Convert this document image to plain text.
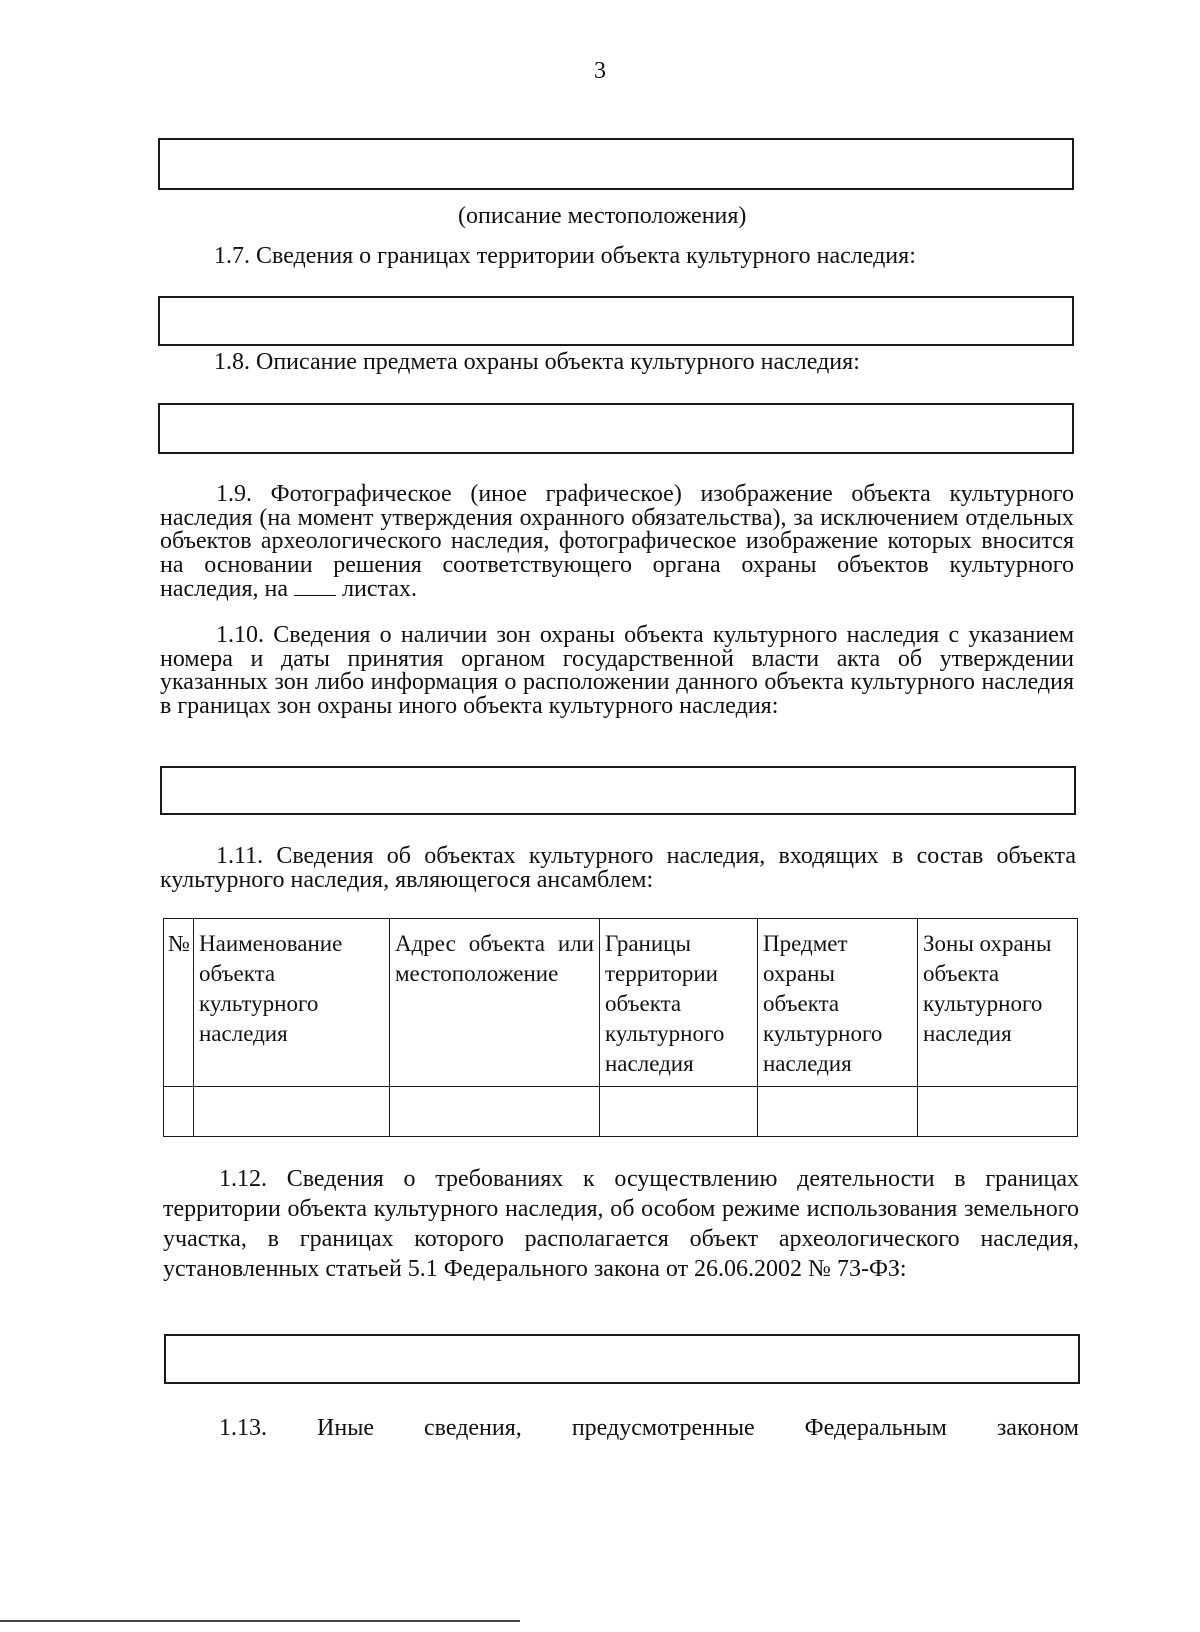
3
(описание местоположения)
1.7. Сведения о границах территории объекта культурного наследия:
1.8. Описание предмета охраны объекта культурного наследия:
1.9. Фотографическое (иное графическое) изображение объекта культурного наследия (на момент утверждения охранного обязательства), за исключением отдельных объектов археологического наследия, фотографическое изображение которых вносится на основании решения соответствующего органа охраны объектов культурного наследия, на листах.
1.10. Сведения о наличии зон охраны объекта культурного наследия с указанием номера и даты принятия органом государственной власти акта об утверждении указанных зон либо информация о расположении данного объекта культурного наследия в границах зон охраны иного объекта культурного наследия:
1.11. Сведения об объектах культурного наследия, входящих в состав объекта культурного наследия, являющегося ансамблем:
№	Наименование объекта культурного наследия	Адрес объекта или местоположение	Границы территории объекта культурного наследия	Предмет охраны объекта культурного наследия	Зоны охраны объекта культурного наследия

1.12. Сведения о требованиях к осуществлению деятельности в границах территории объекта культурного наследия, об особом режиме использования земельного участка, в границах которого располагается объект археологического наследия, установленных статьей 5.1 Федерального закона от 26.06.2002 № 73-ФЗ:
1.13. Иные сведения, предусмотренные Федеральным законом
